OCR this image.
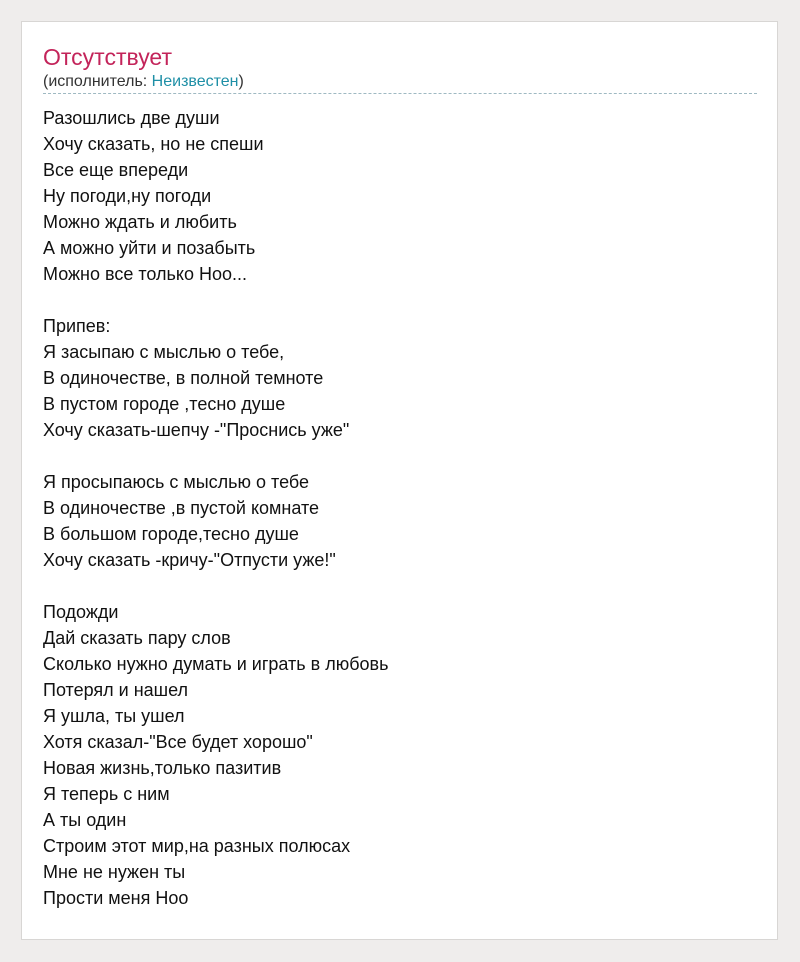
Отсутствует
(исполнитель: Неизвестен)
Разошлись две души
Хочу сказать, но не спеши
Все еще впереди
Ну погоди,ну погоди
Можно ждать и любить
А можно уйти и позабыть
Можно все только Ноо...
Припев:
Я засыпаю с мыслью о тебе,
В одиночестве, в полной темноте
В пустом городе ,тесно душе
Хочу сказать-шепчу -"Проснись уже"
Я просыпаюсь с мыслью о тебе
В одиночестве ,в пустой комнате
В большом городе,тесно душе
Хочу сказать -кричу-"Отпусти уже!"
Подожди
Дай сказать пару слов
Сколько нужно думать и играть в любовь
Потерял и нашел
Я ушла, ты ушел
Хотя сказал-"Все будет хорошо"
Новая жизнь,только пазитив
Я теперь с ним
А ты один
Строим этот мир,на разных полюсах
Мне не нужен ты
Прости меня Ноо
